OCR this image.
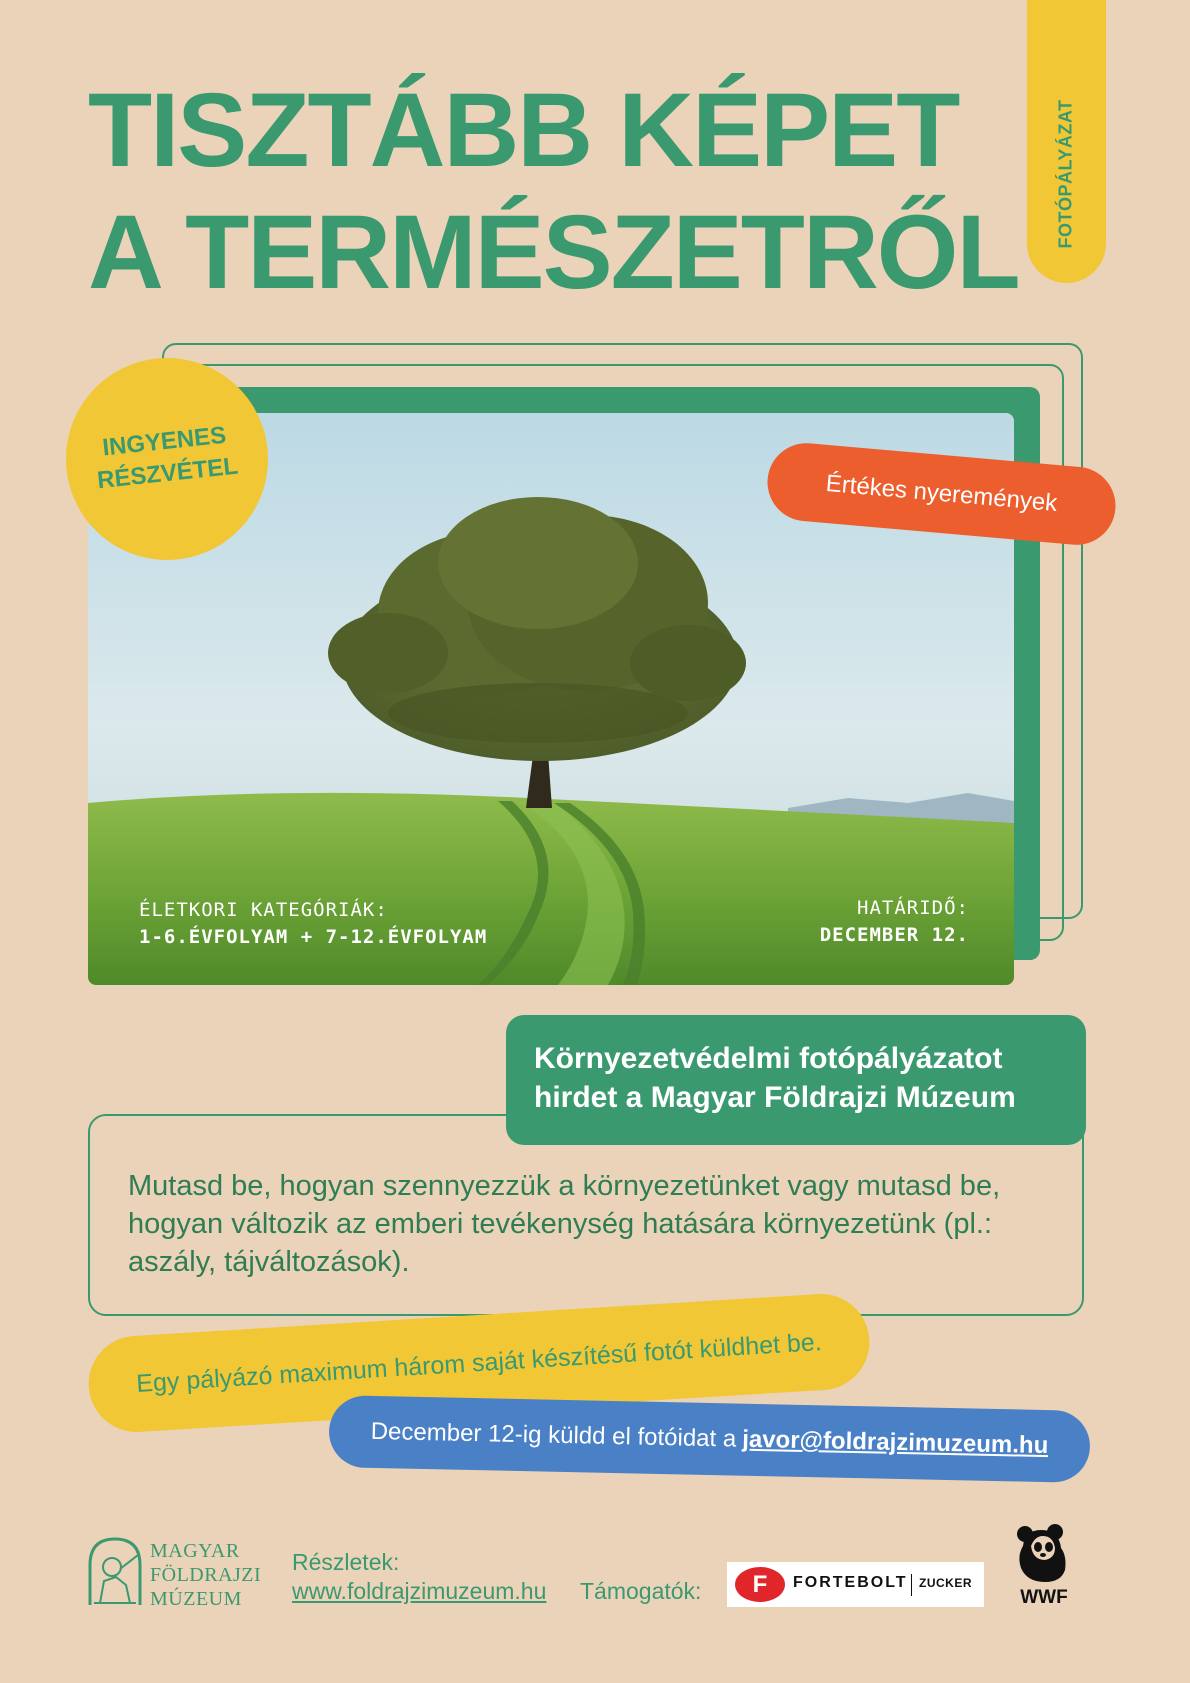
TISZTÁBB KÉPET
A TERMÉSZETRŐL
FOTÓPÁLYÁZAT
ÉLETKORI KATEGÓRIÁK:
1-6.ÉVFOLYAM + 7-12.ÉVFOLYAM
HATÁRIDŐ:
DECEMBER 12.
INGYENES
RÉSZVÉTEL	Értékes nyeremények
Környezetvédelmi fotópályázatot
hirdet a Magyar Földrajzi Múzeum

Mutasd be, hogyan szennyezzük a környezetünket vagy mutasd be, hogyan változik az emberi tevékenység hatására környezetünk (pl.: aszály, tájváltozások).

Egy pályázó maximum három saját készítésű fotót küldhet be.
December 12-ig küldd el fotóidat a javor@foldrajzimuzeum.hu
MAGYAR
FÖLDRAJZI
MÚZEUM
Részletek:
www.foldrajzimuzeum.hu Támogatók:	F	FORTEBOLT ZUCKER
WWF
